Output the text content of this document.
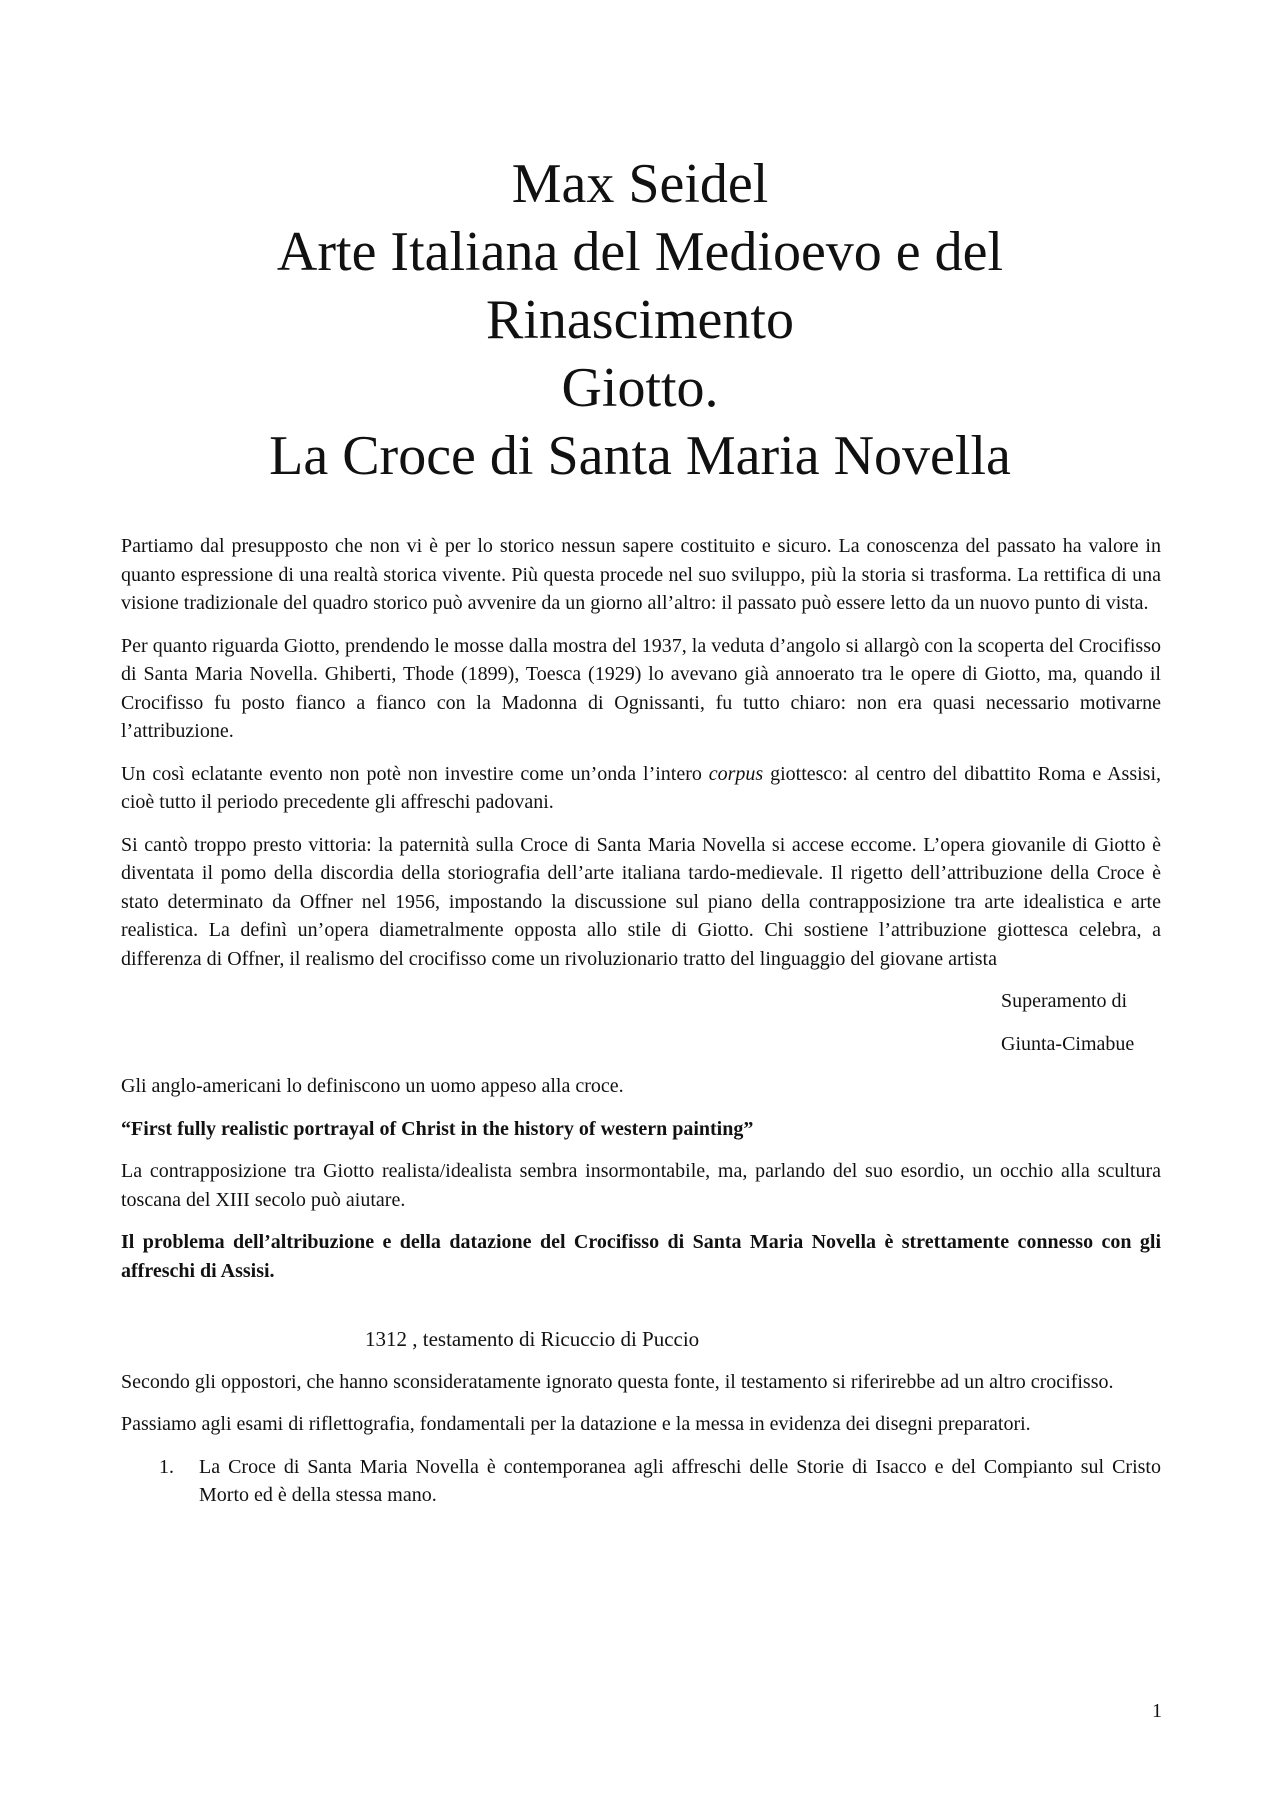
Max Seidel
Arte Italiana del Medioevo e del
Rinascimento
Giotto.
La Croce di Santa Maria Novella

Partiamo dal presupposto che non vi è per lo storico nessun sapere costituito e sicuro. La conoscenza del passato ha valore in quanto espressione di una realtà storica vivente. Più questa procede nel suo sviluppo, più la storia si trasforma. La rettifica di una visione tradizionale del quadro storico può avvenire da un giorno all’altro: il passato può essere letto da un nuovo punto di vista.

Per quanto riguarda Giotto, prendendo le mosse dalla mostra del 1937, la veduta d’angolo si allargò con la scoperta del Crocifisso di Santa Maria Novella. Ghiberti, Thode (1899), Toesca (1929) lo avevano già annoerato tra le opere di Giotto, ma, quando il Crocifisso fu posto fianco a fianco con la Madonna di Ognissanti, fu tutto chiaro: non era quasi necessario motivarne l’attribuzione.

Un così eclatante evento non potè non investire come un’onda l’intero corpus giottesco: al centro del dibattito Roma e Assisi, cioè tutto il periodo precedente gli affreschi padovani.

Si cantò troppo presto vittoria: la paternità sulla Croce di Santa Maria Novella si accese eccome. L’opera giovanile di Giotto è diventata il pomo della discordia della storiografia dell’arte italiana tardo-medievale. Il rigetto dell’attribuzione della Croce è stato determinato da Offner nel 1956, impostando la discussione sul piano della contrapposizione tra arte idealistica e arte realistica. La definì un’opera diametralmente opposta allo stile di Giotto. Chi sostiene l’attribuzione giottesca celebra, a differenza di Offner, il realismo del crocifisso come un rivoluzionario tratto del linguaggio del giovane artista

Superamento di

Giunta-Cimabue

Gli anglo-americani lo definiscono un uomo appeso alla croce.

“First fully realistic portrayal of Christ in the history of western painting”

La contrapposizione tra Giotto realista/idealista sembra insormontabile, ma, parlando del suo esordio, un occhio alla scultura toscana del XIII secolo può aiutare.

Il problema dell’altribuzione e della datazione del Crocifisso di Santa Maria Novella è strettamente connesso con gli affreschi di Assisi.

1312 , testamento di Ricuccio di Puccio

Secondo gli oppostori, che hanno sconsideratamente ignorato questa fonte, il testamento si riferirebbe ad un altro crocifisso.

Passiamo agli esami di riflettografia, fondamentali per la datazione e la messa in evidenza dei disegni preparatori.

1. La Croce di Santa Maria Novella è contemporanea agli affreschi delle Storie di Isacco e del Compianto sul Cristo Morto ed è della stessa mano.
1
